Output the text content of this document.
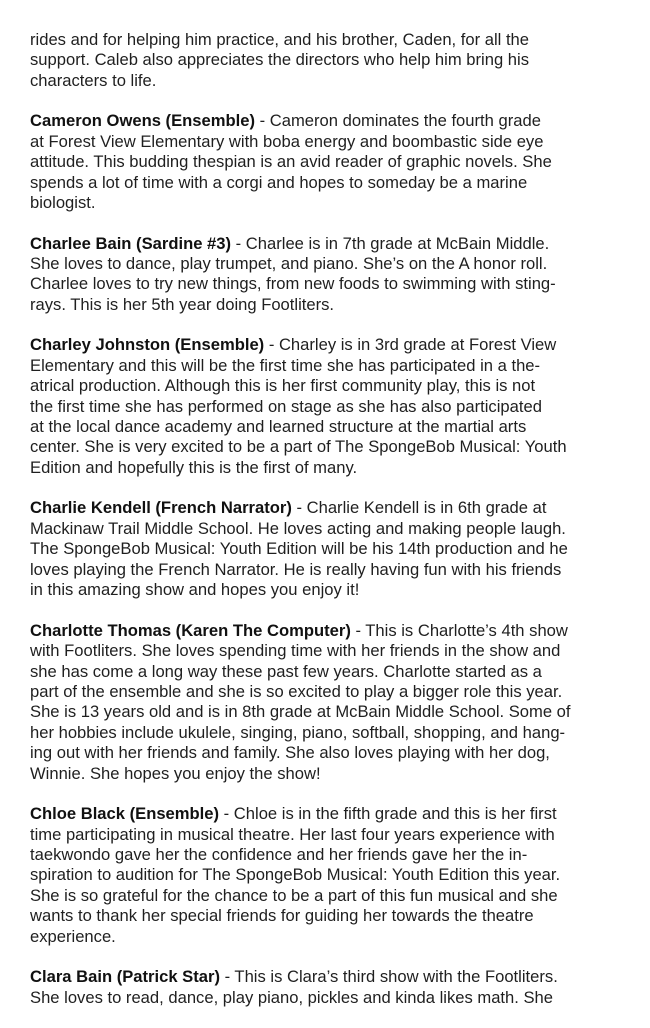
rides and for helping him practice, and his brother, Caden, for all the
support. Caleb also appreciates the directors who help him bring his
characters to life.
Cameron Owens (Ensemble) - Cameron dominates the fourth grade
at Forest View Elementary with boba energy and boombastic side eye
attitude. This budding thespian is an avid reader of graphic novels. She
spends a lot of time with a corgi and hopes to someday be a marine
biologist.
Charlee Bain (Sardine #3) - Charlee is in 7th grade at McBain Middle.
She loves to dance, play trumpet, and piano. She’s on the A honor roll.
Charlee loves to try new things, from new foods to swimming with sting-
rays. This is her 5th year doing Footliters.
Charley Johnston (Ensemble) - Charley is in 3rd grade at Forest View
Elementary and this will be the first time she has participated in a the-
atrical production. Although this is her first community play, this is not
the first time she has performed on stage as she has also participated
at the local dance academy and learned structure at the martial arts
center. She is very excited to be a part of The SpongeBob Musical: Youth
Edition and hopefully this is the first of many.
Charlie Kendell (French Narrator) - Charlie Kendell is in 6th grade at
Mackinaw Trail Middle School. He loves acting and making people laugh.
The SpongeBob Musical: Youth Edition will be his 14th production and he
loves playing the French Narrator. He is really having fun with his friends
in this amazing show and hopes you enjoy it!
Charlotte Thomas (Karen The Computer) - This is Charlotte’s 4th show
with Footliters. She loves spending time with her friends in the show and
she has come a long way these past few years. Charlotte started as a
part of the ensemble and she is so excited to play a bigger role this year.
She is 13 years old and is in 8th grade at McBain Middle School. Some of
her hobbies include ukulele, singing, piano, softball, shopping, and hang-
ing out with her friends and family. She also loves playing with her dog,
Winnie. She hopes you enjoy the show!
Chloe Black (Ensemble) - Chloe is in the fifth grade and this is her first
time participating in musical theatre. Her last four years experience with
taekwondo gave her the confidence and her friends gave her the in-
spiration to audition for The SpongeBob Musical: Youth Edition this year.
She is so grateful for the chance to be a part of this fun musical and she
wants to thank her special friends for guiding her towards the theatre
experience.
Clara Bain (Patrick Star) - This is Clara’s third show with the Footliters.
She loves to read, dance, play piano, pickles and kinda likes math. She
